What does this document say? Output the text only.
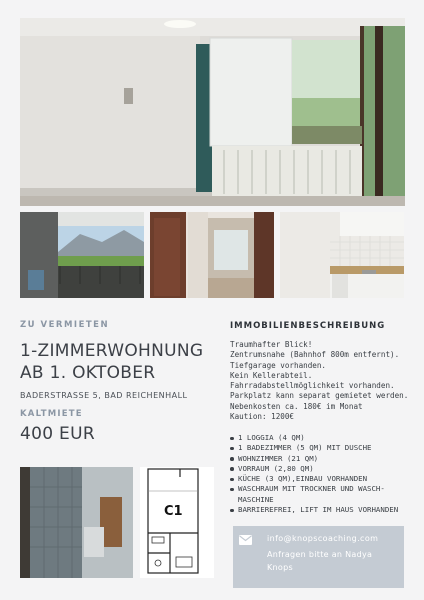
ZU VERMIETEN
1-ZIMMERWOHNUNG
AB 1. OKTOBER
BADERSTRASSE 5, BAD REICHENHALL
KALTMIETE
400 EUR
C1
IMMOBILIENBESCHREIBUNG
Traumhafter Blick!
Zentrumsnahe (Bahnhof 800m entfernt).
Tiefgarage vorhanden.
Kein Kellerabteil.
Fahrradabstellmöglichkeit vorhanden.
Parkplatz kann separat gemietet werden.
Nebenkosten ca. 180€ im Monat
Kaution: 1200€
1 LOGGIA (4 QM)
1 BADEZIMMER (5 QM) MIT DUSCHE
WOHNZIMMER (21 QM)
VORRAUM (2,80 QM)
KÜCHE (3 QM),EINBAU VORHANDEN
WASCHRAUM MIT TROCKNER UND WASCH-MASCHINE
BARRIEREFREI, LIFT IM HAUS VORHANDEN
info@knopscoaching.com
Anfragen bitte an Nadya Knops
